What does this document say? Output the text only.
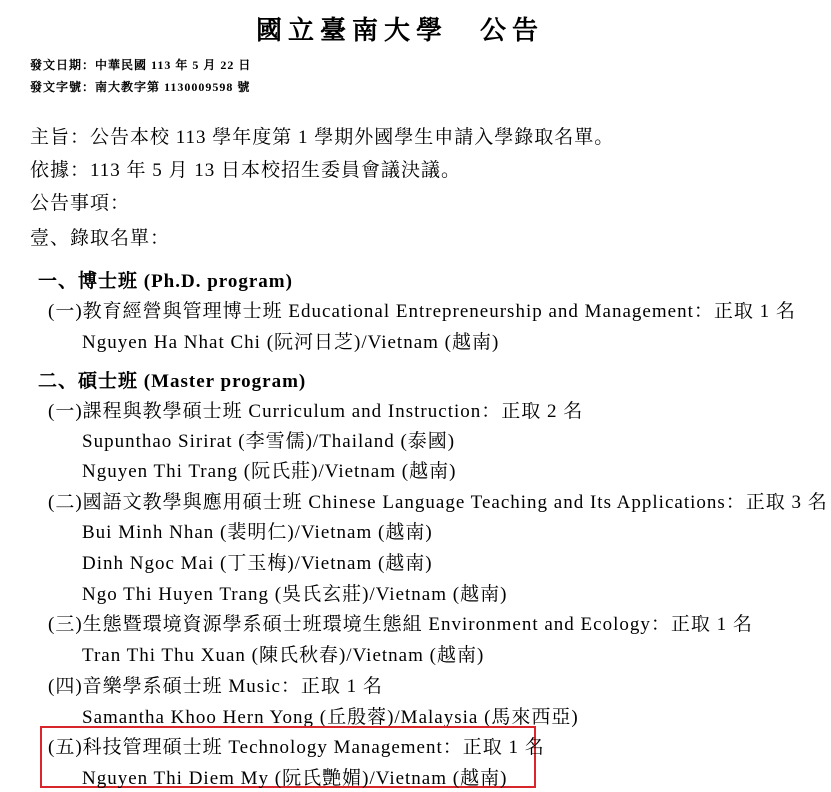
國立臺南大學　公告
發文日期：中華民國 113 年 5 月 22 日
發文字號：南大教字第 1130009598 號
主旨：公告本校 113 學年度第 1 學期外國學生申請入學錄取名單。
依據：113 年 5 月 13 日本校招生委員會議決議。
公告事項：
壹、錄取名單：
一、博士班 (Ph.D. program)
(一)教育經營與管理博士班 Educational Entrepreneurship and Management：正取 1 名
Nguyen Ha Nhat Chi (阮河日芝)/Vietnam (越南)
二、碩士班 (Master program)
(一)課程與教學碩士班 Curriculum and Instruction：正取 2 名
Supunthao Sirirat (李雪儒)/Thailand (泰國)
Nguyen Thi Trang (阮氏莊)/Vietnam (越南)
(二)國語文教學與應用碩士班 Chinese Language Teaching and Its Applications：正取 3 名
Bui Minh Nhan (裴明仁)/Vietnam (越南)
Dinh Ngoc Mai (丁玉梅)/Vietnam (越南)
Ngo Thi Huyen Trang (吳氏玄莊)/Vietnam (越南)
(三)生態暨環境資源學系碩士班環境生態組 Environment and Ecology：正取 1 名
Tran Thi Thu Xuan (陳氏秋春)/Vietnam (越南)
(四)音樂學系碩士班 Music：正取 1 名
Samantha Khoo Hern Yong (丘殷蓉)/Malaysia (馬來西亞)
(五)科技管理碩士班 Technology Management：正取 1 名
Nguyen Thi Diem My (阮氏艷媚)/Vietnam (越南)
